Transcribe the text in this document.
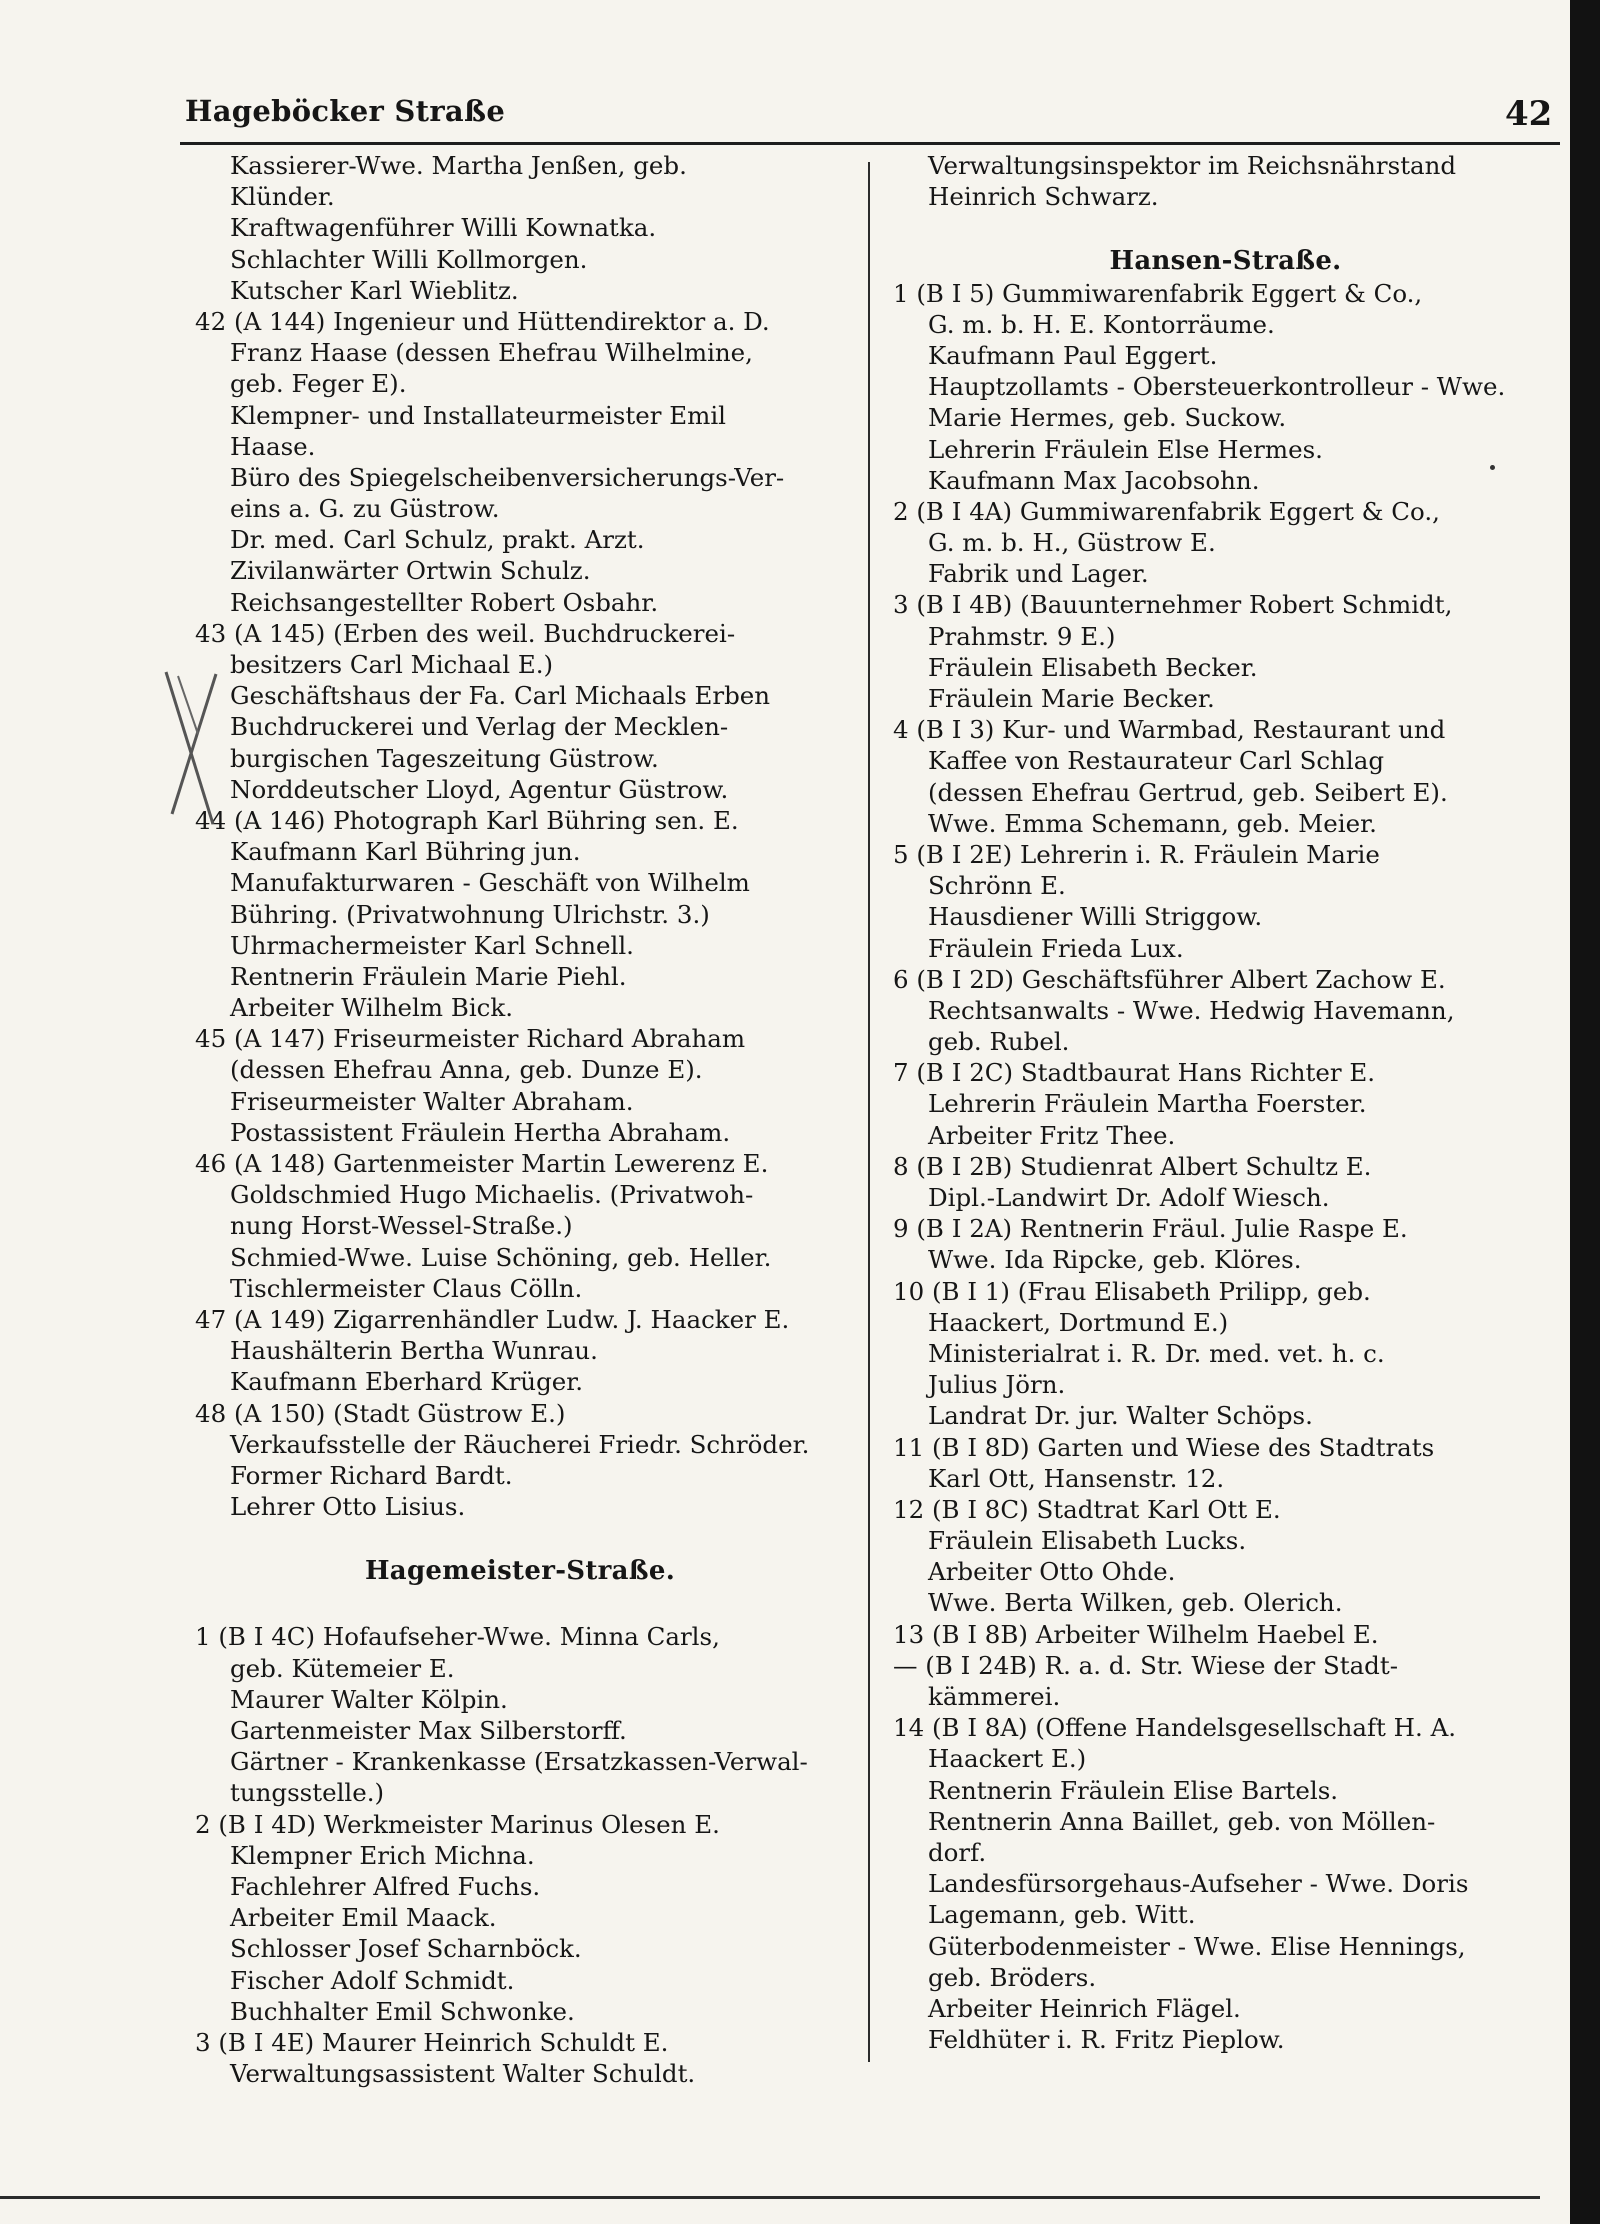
Hageböcker Straße	42
Kassierer-Wwe. Martha Jenßen, geb.
Klünder.
Kraftwagenführer Willi Kownatka.
Schlachter Willi Kollmorgen.
Kutscher Karl Wieblitz.
42 (A 144) Ingenieur und Hüttendirektor a. D.
Franz Haase (dessen Ehefrau Wilhelmine,
geb. Feger E).
Klempner- und Installateurmeister Emil
Haase.
Büro des Spiegelscheibenversicherungs-Ver-
eins a. G. zu Güstrow.
Dr. med. Carl Schulz, prakt. Arzt.
Zivilanwärter Ortwin Schulz.
Reichsangestellter Robert Osbahr.
43 (A 145) (Erben des weil. Buchdruckerei-
besitzers Carl Michaal E.)
Geschäftshaus der Fa. Carl Michaals Erben
Buchdruckerei und Verlag der Mecklen-
burgischen Tageszeitung Güstrow.
Norddeutscher Lloyd, Agentur Güstrow.
44 (A 146) Photograph Karl Bühring sen. E.
Kaufmann Karl Bühring jun.
Manufakturwaren - Geschäft von Wilhelm
Bühring. (Privatwohnung Ulrichstr. 3.)
Uhrmachermeister Karl Schnell.
Rentnerin Fräulein Marie Piehl.
Arbeiter Wilhelm Bick.
45 (A 147) Friseurmeister Richard Abraham
(dessen Ehefrau Anna, geb. Dunze E).
Friseurmeister Walter Abraham.
Postassistent Fräulein Hertha Abraham.
46 (A 148) Gartenmeister Martin Lewerenz E.
Goldschmied Hugo Michaelis. (Privatwoh-
nung Horst-Wessel-Straße.)
Schmied-Wwe. Luise Schöning, geb. Heller.
Tischlermeister Claus Cölln.
47 (A 149) Zigarrenhändler Ludw. J. Haacker E.
Haushälterin Bertha Wunrau.
Kaufmann Eberhard Krüger.
48 (A 150) (Stadt Güstrow E.)
Verkaufsstelle der Räucherei Friedr. Schröder.
Former Richard Bardt.
Lehrer Otto Lisius.
Hagemeister-Straße.
1 (B I 4C) Hofaufseher-Wwe. Minna Carls,
geb. Kütemeier E.
Maurer Walter Kölpin.
Gartenmeister Max Silberstorff.
Gärtner - Krankenkasse (Ersatzkassen-Verwal-
tungsstelle.)
2 (B I 4D) Werkmeister Marinus Olesen E.
Klempner Erich Michna.
Fachlehrer Alfred Fuchs.
Arbeiter Emil Maack.
Schlosser Josef Scharnböck.
Fischer Adolf Schmidt.
Buchhalter Emil Schwonke.
3 (B I 4E) Maurer Heinrich Schuldt E.
Verwaltungsassistent Walter Schuldt.
Verwaltungsinspektor im Reichsnährstand
Heinrich Schwarz.
Hansen-Straße.
1 (B I 5) Gummiwarenfabrik Eggert & Co.,
G. m. b. H. E. Kontorräume.
Kaufmann Paul Eggert.
Hauptzollamts - Obersteuerkontrolleur - Wwe.
Marie Hermes, geb. Suckow.
Lehrerin Fräulein Else Hermes.
Kaufmann Max Jacobsohn.
2 (B I 4A) Gummiwarenfabrik Eggert & Co.,
G. m. b. H., Güstrow E.
Fabrik und Lager.
3 (B I 4B) (Bauunternehmer Robert Schmidt,
Prahmstr. 9 E.)
Fräulein Elisabeth Becker.
Fräulein Marie Becker.
4 (B I 3) Kur- und Warmbad, Restaurant und
Kaffee von Restaurateur Carl Schlag
(dessen Ehefrau Gertrud, geb. Seibert E).
Wwe. Emma Schemann, geb. Meier.
5 (B I 2E) Lehrerin i. R. Fräulein Marie
Schrönn E.
Hausdiener Willi Striggow.
Fräulein Frieda Lux.
6 (B I 2D) Geschäftsführer Albert Zachow E.
Rechtsanwalts - Wwe. Hedwig Havemann,
geb. Rubel.
7 (B I 2C) Stadtbaurat Hans Richter E.
Lehrerin Fräulein Martha Foerster.
Arbeiter Fritz Thee.
8 (B I 2B) Studienrat Albert Schultz E.
Dipl.-Landwirt Dr. Adolf Wiesch.
9 (B I 2A) Rentnerin Fräul. Julie Raspe E.
Wwe. Ida Ripcke, geb. Klöres.
10 (B I 1) (Frau Elisabeth Prilipp, geb.
Haackert, Dortmund E.)
Ministerialrat i. R. Dr. med. vet. h. c.
Julius Jörn.
Landrat Dr. jur. Walter Schöps.
11 (B I 8D) Garten und Wiese des Stadtrats
Karl Ott, Hansenstr. 12.
12 (B I 8C) Stadtrat Karl Ott E.
Fräulein Elisabeth Lucks.
Arbeiter Otto Ohde.
Wwe. Berta Wilken, geb. Olerich.
13 (B I 8B) Arbeiter Wilhelm Haebel E.
— (B I 24B) R. a. d. Str. Wiese der Stadt-
kämmerei.
14 (B I 8A) (Offene Handelsgesellschaft H. A.
Haackert E.)
Rentnerin Fräulein Elise Bartels.
Rentnerin Anna Baillet, geb. von Möllen-
dorf.
Landesfürsorgehaus-Aufseher - Wwe. Doris
Lagemann, geb. Witt.
Güterbodenmeister - Wwe. Elise Hennings,
geb. Bröders.
Arbeiter Heinrich Flägel.
Feldhüter i. R. Fritz Pieplow.
